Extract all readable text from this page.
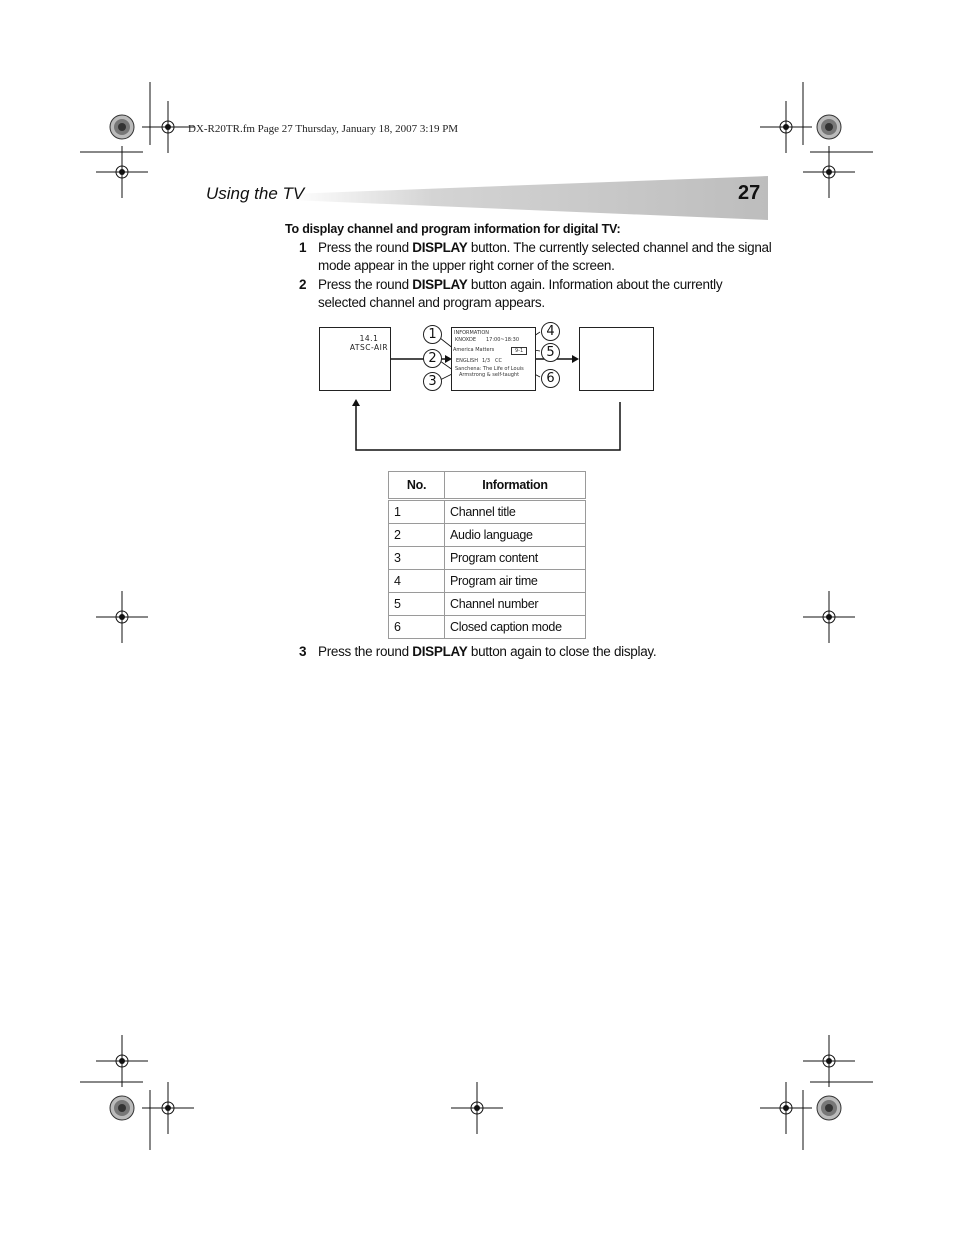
DX-R20TR.fm Page 27 Thursday, January 18, 2007 3:19 PM
Using the TV	27
To display channel and program information for digital TV:
1 Press the round DISPLAY button. The currently selected channel and the signal mode appear in the upper right corner of the screen.
2 Press the round DISPLAY button again. Information about the currently selected channel and program appears.
14.1
ATSC-AIR
INFORMATION
KNOXDE 17:00~18:30
America Matters	9-1
ENGLISH 1/3 CC
Sanchena: The Life of Louis
Armstrong & self-taught
1
2
3
4
5
6
No.	Information
1	Channel title
2	Audio language
3	Program content
4	Program air time
5	Channel number
6	Closed caption mode
3 Press the round DISPLAY button again to close the display.
